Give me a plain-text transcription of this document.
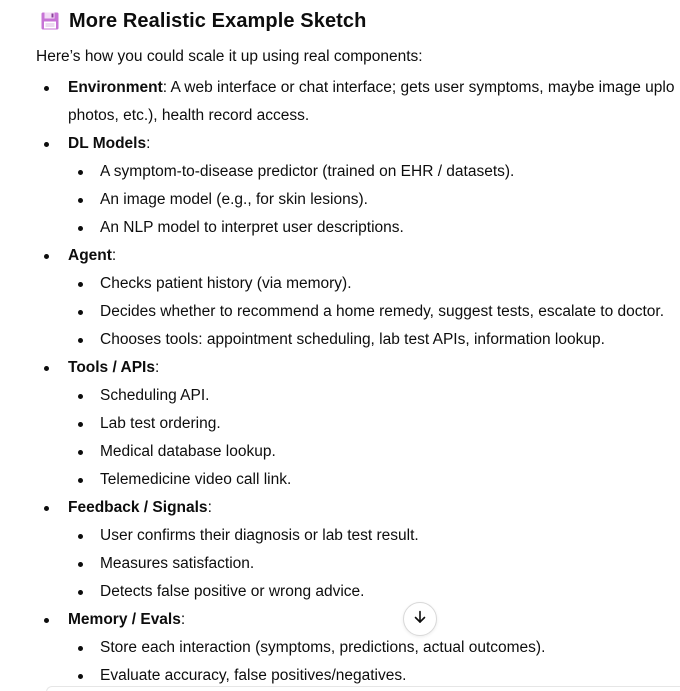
More Realistic Example Sketch
Here’s how you could scale it up using real components:
Environment: A web interface or chat interface; gets user symptoms, maybe image uplo
photos, etc.), health record access.
DL Models:
A symptom-to-disease predictor (trained on EHR / datasets).
An image model (e.g., for skin lesions).
An NLP model to interpret user descriptions.
Agent:
Checks patient history (via memory).
Decides whether to recommend a home remedy, suggest tests, escalate to doctor.
Chooses tools: appointment scheduling, lab test APIs, information lookup.
Tools / APIs:
Scheduling API.
Lab test ordering.
Medical database lookup.
Telemedicine video call link.
Feedback / Signals:
User confirms their diagnosis or lab test result.
Measures satisfaction.
Detects false positive or wrong advice.
Memory / Evals:
Store each interaction (symptoms, predictions, actual outcomes).
Evaluate accuracy, false positives/negatives.
